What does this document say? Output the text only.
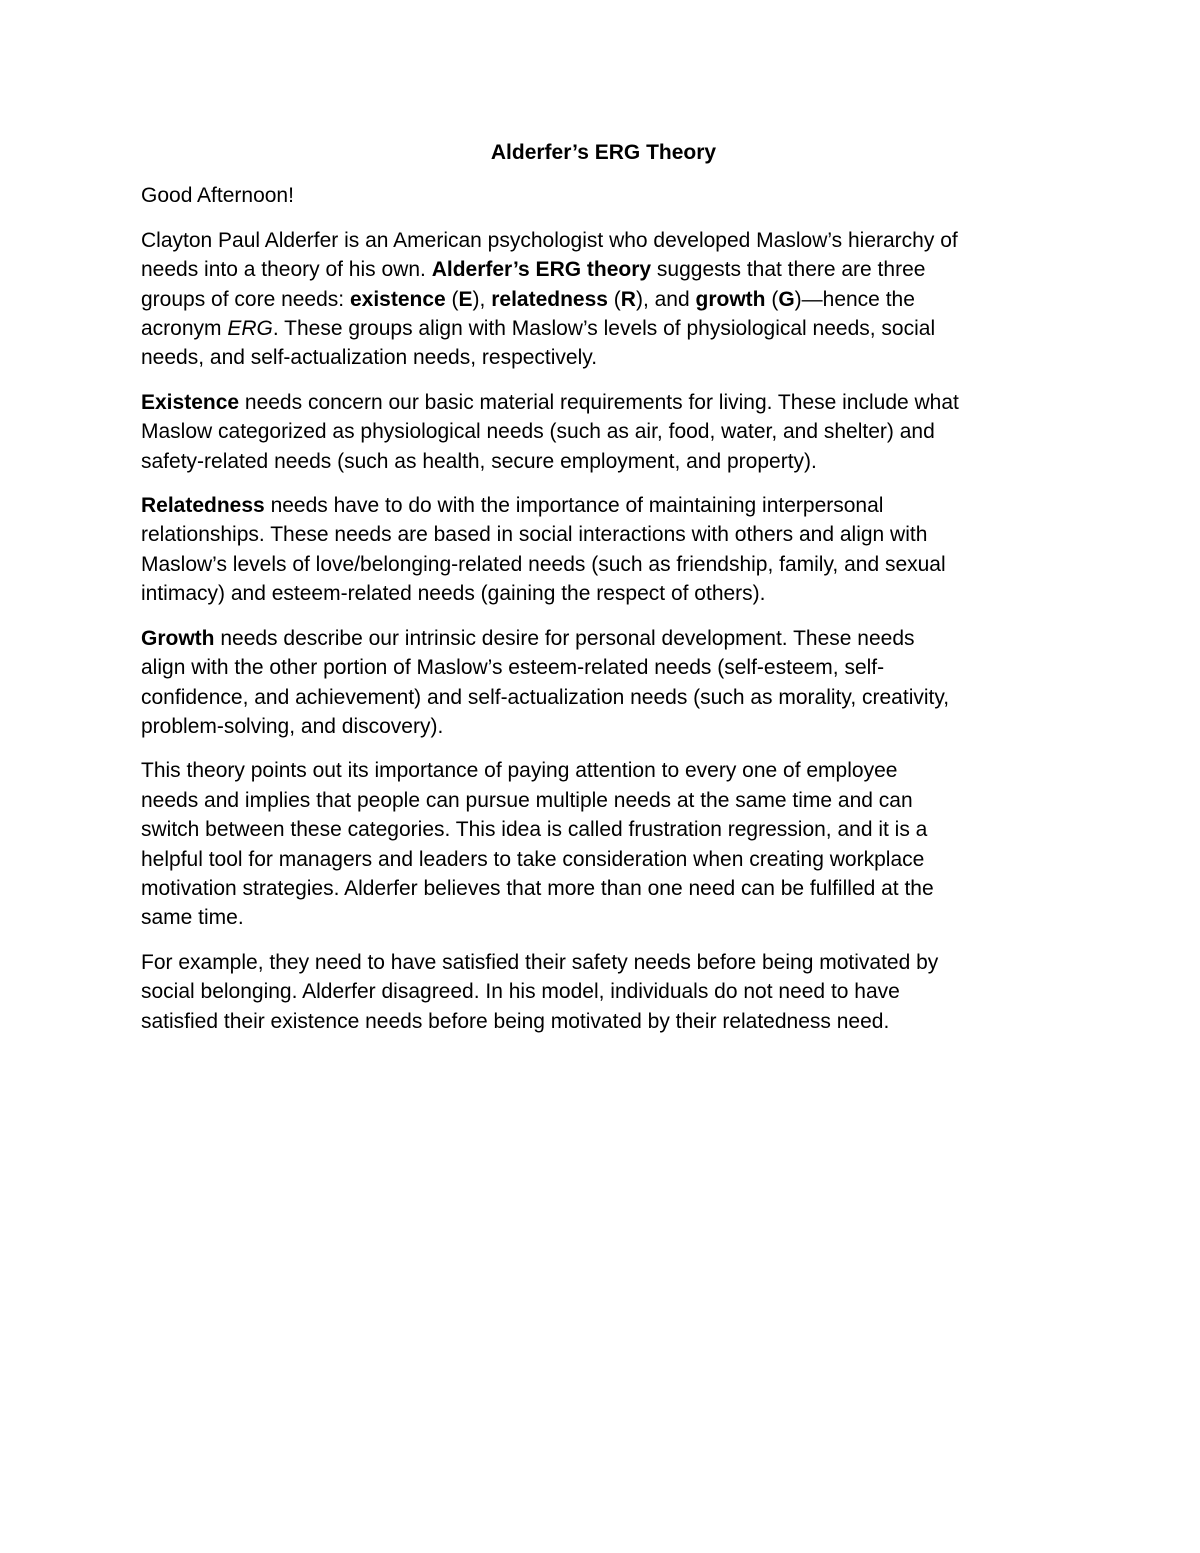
Alderfer’s ERG Theory
Good Afternoon!
Clayton Paul Alderfer is an American psychologist who developed Maslow’s hierarchy of
needs into a theory of his own. Alderfer’s ERG theory suggests that there are three
groups of core needs: existence (E), relatedness (R), and growth (G)—hence the
acronym ERG. These groups align with Maslow’s levels of physiological needs, social
needs, and self-actualization needs, respectively.
Existence needs concern our basic material requirements for living. These include what
Maslow categorized as physiological needs (such as air, food, water, and shelter) and
safety-related needs (such as health, secure employment, and property).
Relatedness needs have to do with the importance of maintaining interpersonal
relationships. These needs are based in social interactions with others and align with
Maslow’s levels of love/belonging-related needs (such as friendship, family, and sexual
intimacy) and esteem-related needs (gaining the respect of others).
Growth needs describe our intrinsic desire for personal development. These needs
align with the other portion of Maslow’s esteem-related needs (self-esteem, self-
confidence, and achievement) and self-actualization needs (such as morality, creativity,
problem-solving, and discovery).
This theory points out its importance of paying attention to every one of employee
needs and implies that people can pursue multiple needs at the same time and can
switch between these categories. This idea is called frustration regression, and it is a
helpful tool for managers and leaders to take consideration when creating workplace
motivation strategies. Alderfer believes that more than one need can be fulfilled at the
same time.
For example, they need to have satisfied their safety needs before being motivated by
social belonging. Alderfer disagreed. In his model, individuals do not need to have
satisfied their existence needs before being motivated by their relatedness need.
